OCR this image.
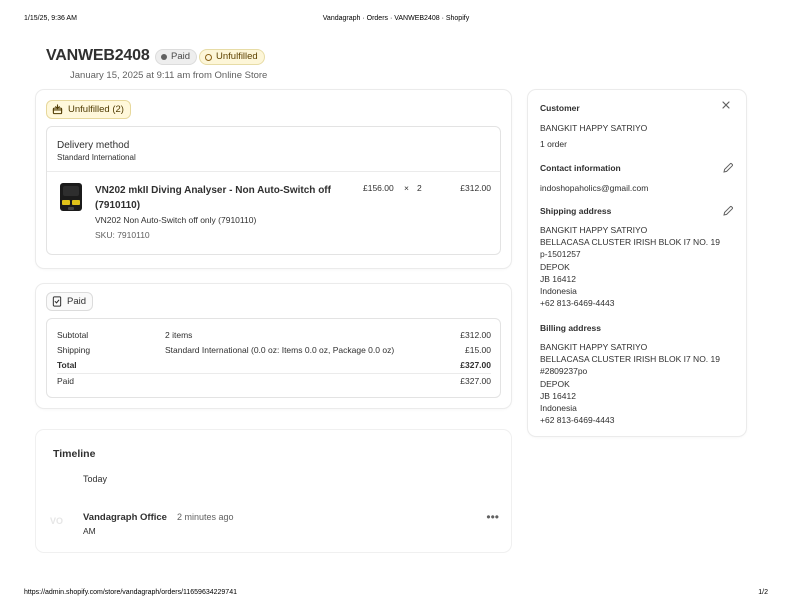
1/15/25, 9:36 AM	Vandagraph · Orders · VANWEB2408 · Shopify
VANWEB2408 Paid	Unfulfilled
January 15, 2025 at 9:11 am from Online Store
Unfulfilled (2)
Delivery method
Standard International
VN202 mkII Diving Analyser - Non Auto-Switch off
(7910110)
VN202 Non Auto-Switch off only (7910110)
SKU: 7910110
£156.00 × 2	£312.00
Paid
Subtotal	2 items	£312.00
Shipping	Standard International (0.0 oz: Items 0.0 oz, Package 0.0 oz)	£15.00
Total	£327.00
Paid	£327.00
Customer
BANGKIT HAPPY SATRIYO
1 order
Contact information
indoshopaholics@gmail.com
Shipping address
BANGKIT HAPPY SATRIYO
BELLACASA CLUSTER IRISH BLOK I7 NO. 19
p-1501257
DEPOK
JB 16412
Indonesia
+62 813-6469-4443
Billing address
BANGKIT HAPPY SATRIYO
BELLACASA CLUSTER IRISH BLOK I7 NO. 19
#2809237po
DEPOK
JB 16412
Indonesia
+62 813-6469-4443
Timeline
Today
VO	Vandagraph Office 2 minutes ago
AM
•••
https://admin.shopify.com/store/vandagraph/orders/11659634229741	1/2
